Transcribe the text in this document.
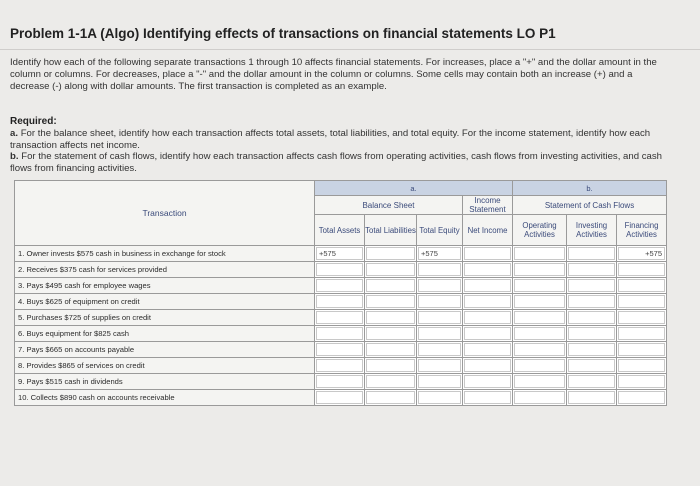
Problem 1-1A (Algo) Identifying effects of transactions on financial statements LO P1
Identify how each of the following separate transactions 1 through 10 affects financial statements. For increases, place a "+" and the dollar amount in the column or columns. For decreases, place a "-" and the dollar amount in the column or columns. Some cells may contain both an increase (+) and a decrease (-) along with dollar amounts. The first transaction is completed as an example.
Required:
a. For the balance sheet, identify how each transaction affects total assets, total liabilities, and total equity. For the income statement, identify how each transaction affects net income.
b. For the statement of cash flows, identify how each transaction affects cash flows from operating activities, cash flows from investing activities, and cash flows from financing activities.
Transaction	a.				b.		
	Balance Sheet			Income Statement	Statement of Cash Flows		
	Total Assets	Total Liabilities	Total Equity	Net Income	Operating Activities	Investing Activities	Financing Activities
1. Owner invests $575 cash in business in exchange for stock	+575		+575				+575

2. Receives $375 cash for services provided	

3. Pays $495 cash for employee wages	

4. Buys $625 of equipment on credit	

5. Purchases $725 of supplies on credit	

6. Buys equipment for $825 cash	

7. Pays $665 on accounts payable	

8. Provides $865 of services on credit	

9. Pays $515 cash in dividends	

10. Collects $890 cash on accounts receivable	
